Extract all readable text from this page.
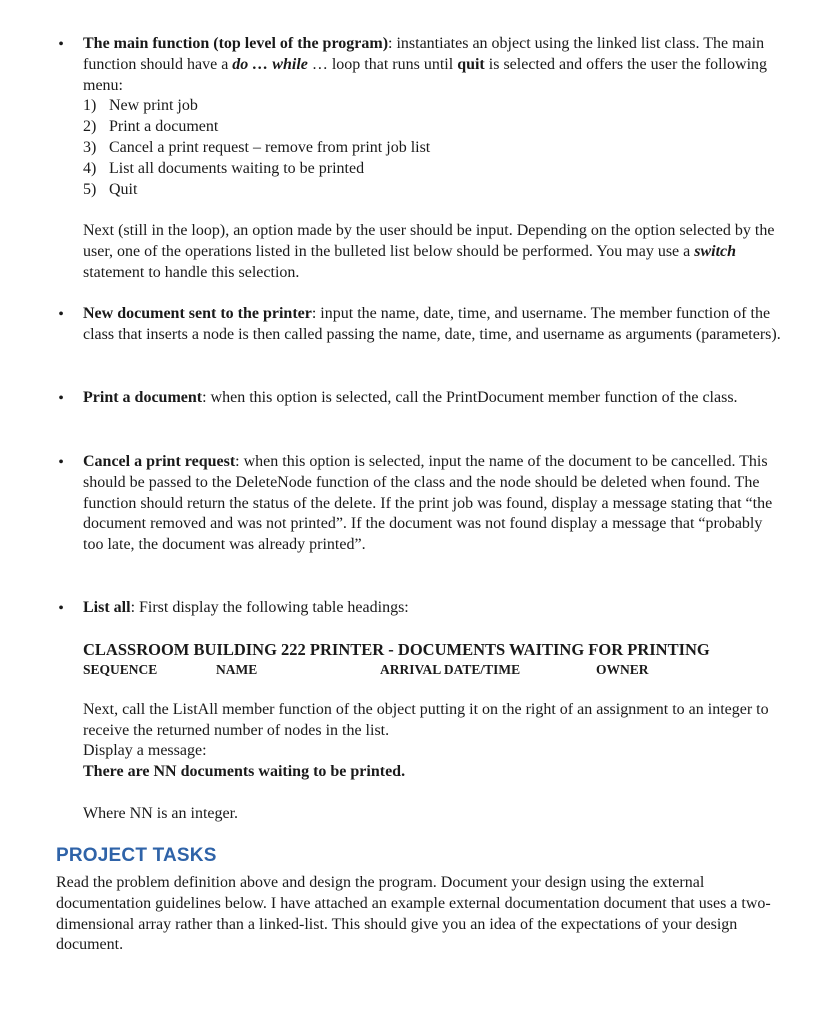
• The main function (top level of the program): instantiates an object using the linked list class. The main function should have a do … while … loop that runs until quit is selected and offers the user the following menu:

1) New print job
2) Print a document
3) Cancel a print request – remove from print job list
4) List all documents waiting to be printed
5) Quit

Next (still in the loop), an option made by the user should be input. Depending on the option selected by the user, one of the operations listed in the bulleted list below should be performed. You may use a switch statement to handle this selection.

• New document sent to the printer: input the name, date, time, and username. The member function of the class that inserts a node is then called passing the name, date, time, and username as arguments (parameters).

• Print a document: when this option is selected, call the PrintDocument member function of the class.

• Cancel a print request: when this option is selected, input the name of the document to be cancelled. This should be passed to the DeleteNode function of the class and the node should be deleted when found. The function should return the status of the delete. If the print job was found, display a message stating that “the document removed and was not printed”. If the document was not found display a message that “probably too late, the document was already printed”.

• List all: First display the following table headings:

CLASSROOM BUILDING 222 PRINTER - DOCUMENTS WAITING FOR PRINTING

SEQUENCE	NAME	ARRIVAL DATE/TIME	OWNER

Next, call the ListAll member function of the object putting it on the right of an assignment to an integer to receive the returned number of nodes in the list.

Display a message:

There are NN documents waiting to be printed.

Where NN is an integer.

PROJECT TASKS

Read the problem definition above and design the program. Document your design using the external documentation guidelines below. I have attached an example external documentation document that uses a two-dimensional array rather than a linked-list. This should give you an idea of the expectations of your design document.
